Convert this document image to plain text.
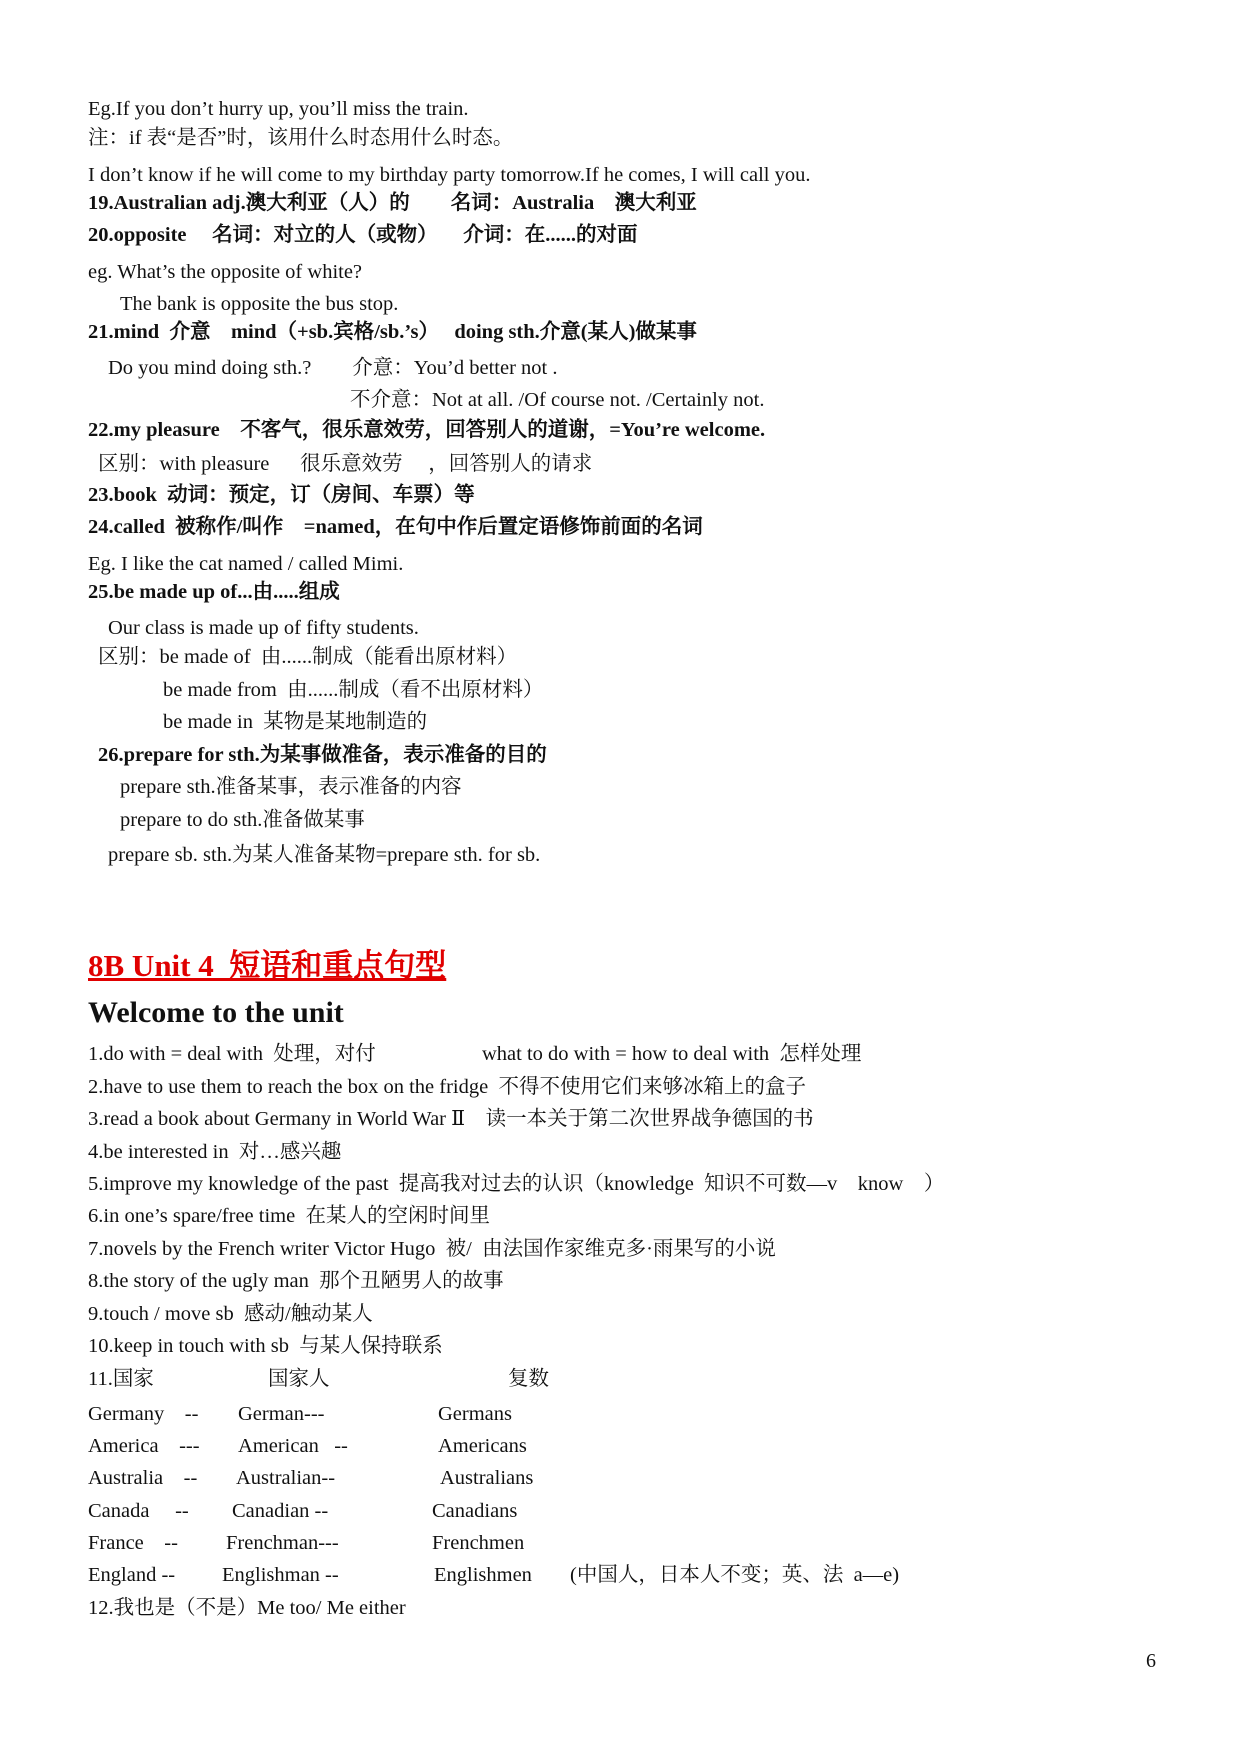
Eg.If you don’t hurry up, you’ll miss the train.
注：if 表“是否”时，该用什么时态用什么时态。
I don’t know if he will come to my birthday party tomorrow.If he comes, I will call you.
19.Australian adj.澳大利亚（人）的        名词：Australia    澳大利亚
20.opposite     名词：对立的人（或物）     介词：在......的对面
eg. What’s the opposite of white?
The bank is opposite the bus stop.
21.mind  介意    mind（+sb.宾格/sb.’s）   doing sth.介意(某人)做某事
Do you mind doing sth.?        介意：You’d better not .
不介意：Not at all. /Of course not. /Certainly not.
22.my pleasure    不客气，很乐意效劳，回答别人的道谢，=You’re welcome.
区别：with pleasure      很乐意效劳     ，回答别人的请求
23.book  动词：预定，订（房间、车票）等
24.called  被称作/叫作    =named，在句中作后置定语修饰前面的名词
Eg. I like the cat named / called Mimi.
25.be made up of...由.....组成
Our class is made up of fifty students.
区别：be made of  由......制成（能看出原材料）
be made from  由......制成（看不出原材料）
be made in  某物是某地制造的
26.prepare for sth.为某事做准备，表示准备的目的
prepare sth.准备某事，表示准备的内容
prepare to do sth.准备做某事
prepare sb. sth.为某人准备某物=prepare sth. for sb.
8B Unit 4  短语和重点句型
Welcome to the unit
1.do with = deal with  处理，对付	what to do with = how to deal with  怎样处理
2.have to use them to reach the box on the fridge  不得不使用它们来够冰箱上的盒子
3.read a book about Germany in World War Ⅱ    读一本关于第二次世界战争德国的书
4.be interested in  对…感兴趣
5.improve my knowledge of the past  提高我对过去的认识（knowledge  知识不可数—v    know    ）
6.in one’s spare/free time  在某人的空闲时间里
7.novels by the French writer Victor Hugo  被/  由法国作家维克多·雨果写的小说
8.the story of the ugly man  那个丑陋男人的故事
9.touch / move sb  感动/触动某人
10.keep in touch with sb  与某人保持联系
11.国家	国家人	复数
Germany    -- German---	Germans
America    --- American   --	Americans
Australia    -- Australian--	Australians
Canada     -- Canadian --	Canadians
France    -- Frenchman---	Frenchmen
England -- Englishman --	Englishmen (中国人，日本人不变；英、法  a—e)
12.我也是（不是）Me too/ Me either
6
